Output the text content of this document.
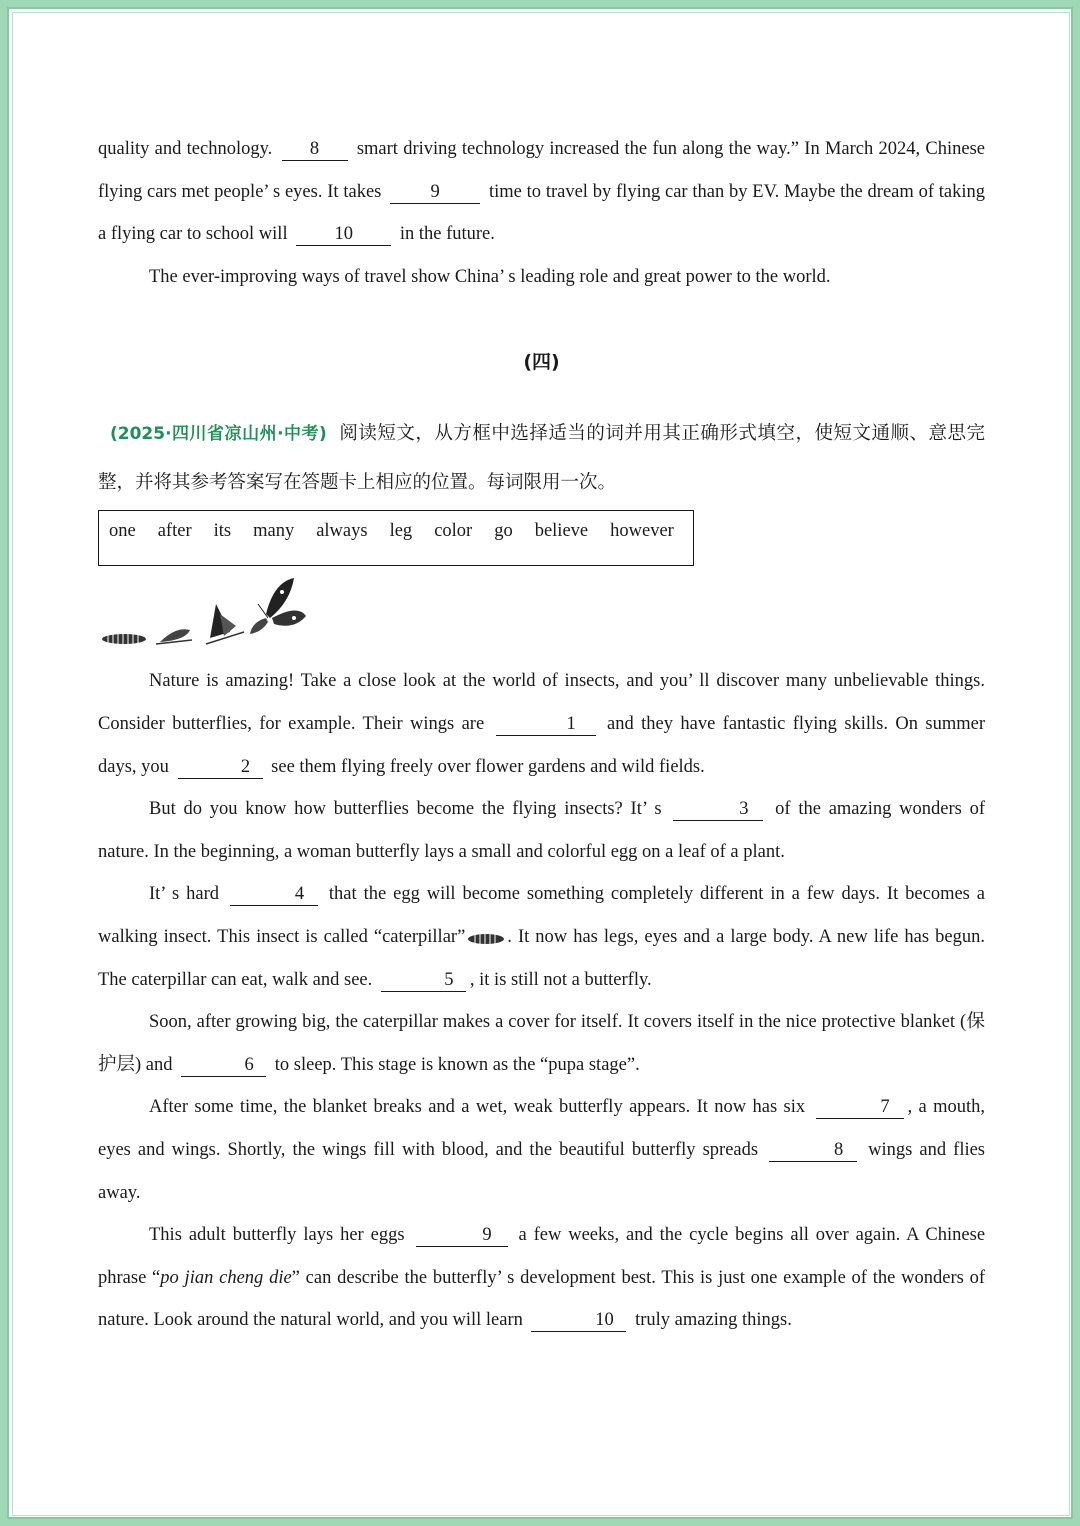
quality and technology. 8 smart driving technology increased the fun along the way.” In March 2024, Chinese flying cars met people’ s eyes. It takes	9	time to travel by flying car than by EV. Maybe the dream of taking a flying car to school will	10	in the future.

The ever-improving ways of travel show China’ s leading role and great power to the world.

(四)

(2025·四川省凉山州·中考) 阅读短文，从方框中选择适当的词并用其正确形式填空，使短文通顺、意思完整，并将其参考答案写在答题卡上相应的位置。每词限用一次。

one after its many always leg color go believe however

Nature is amazing! Take a close look at the world of insects, and you’ ll discover many unbelievable things. Consider butterflies, for example. Their wings are	1 and they have fantastic flying skills. On summer days, you	2 see them flying freely over flower gardens and wild fields.

But do you know how butterflies become the flying insects? It’ s	3 of the amazing wonders of nature. In the beginning, a woman butterfly lays a small and colorful egg on a leaf of a plant.

It’ s hard	4 that the egg will become something completely different in a few days. It becomes a walking insect. This insect is called “caterpillar” . It now has legs, eyes and a large body. A new life has begun. The caterpillar can eat, walk and see.	5 , it is still not a butterfly.

Soon, after growing big, the caterpillar makes a cover for itself. It covers itself in the nice protective blanket (保护层) and	6 to sleep. This stage is known as the “pupa stage”.

After some time, the blanket breaks and a wet, weak butterfly appears. It now has six	7 , a mouth, eyes and wings. Shortly, the wings fill with blood, and the beautiful butterfly spreads	8 wings and flies away.

This adult butterfly lays her eggs	9 a few weeks, and the cycle begins all over again. A Chinese phrase “po jian cheng die” can describe the butterfly’ s development best. This is just one example of the wonders of nature. Look around the natural world, and you will learn	10 truly amazing things.
